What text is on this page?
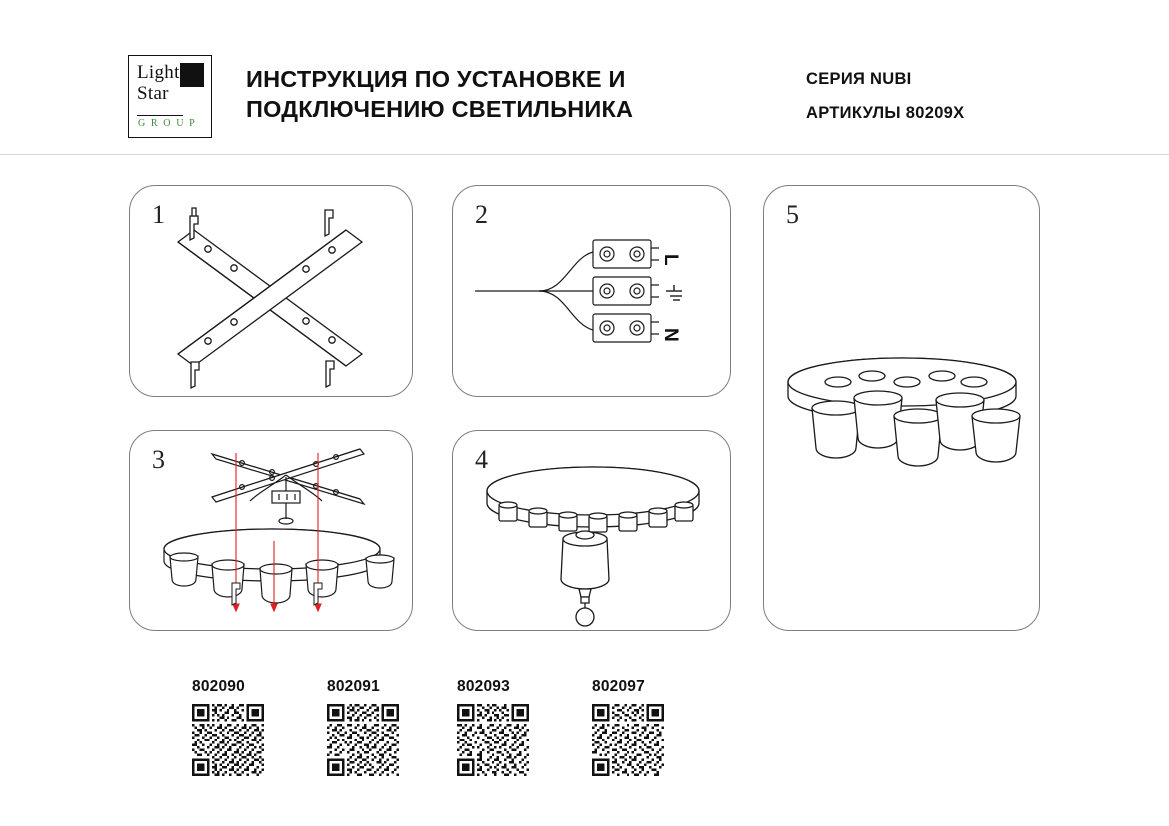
Light
Star
G R O U P
ИНСТРУКЦИЯ ПО УСТАНОВКЕ И ПОДКЛЮЧЕНИЮ СВЕТИЛЬНИКА
СЕРИЯ NUBI
АРТИКУЛЫ 80209X
1	2
L
N
5
3	4
802090	802091	802093	802097
